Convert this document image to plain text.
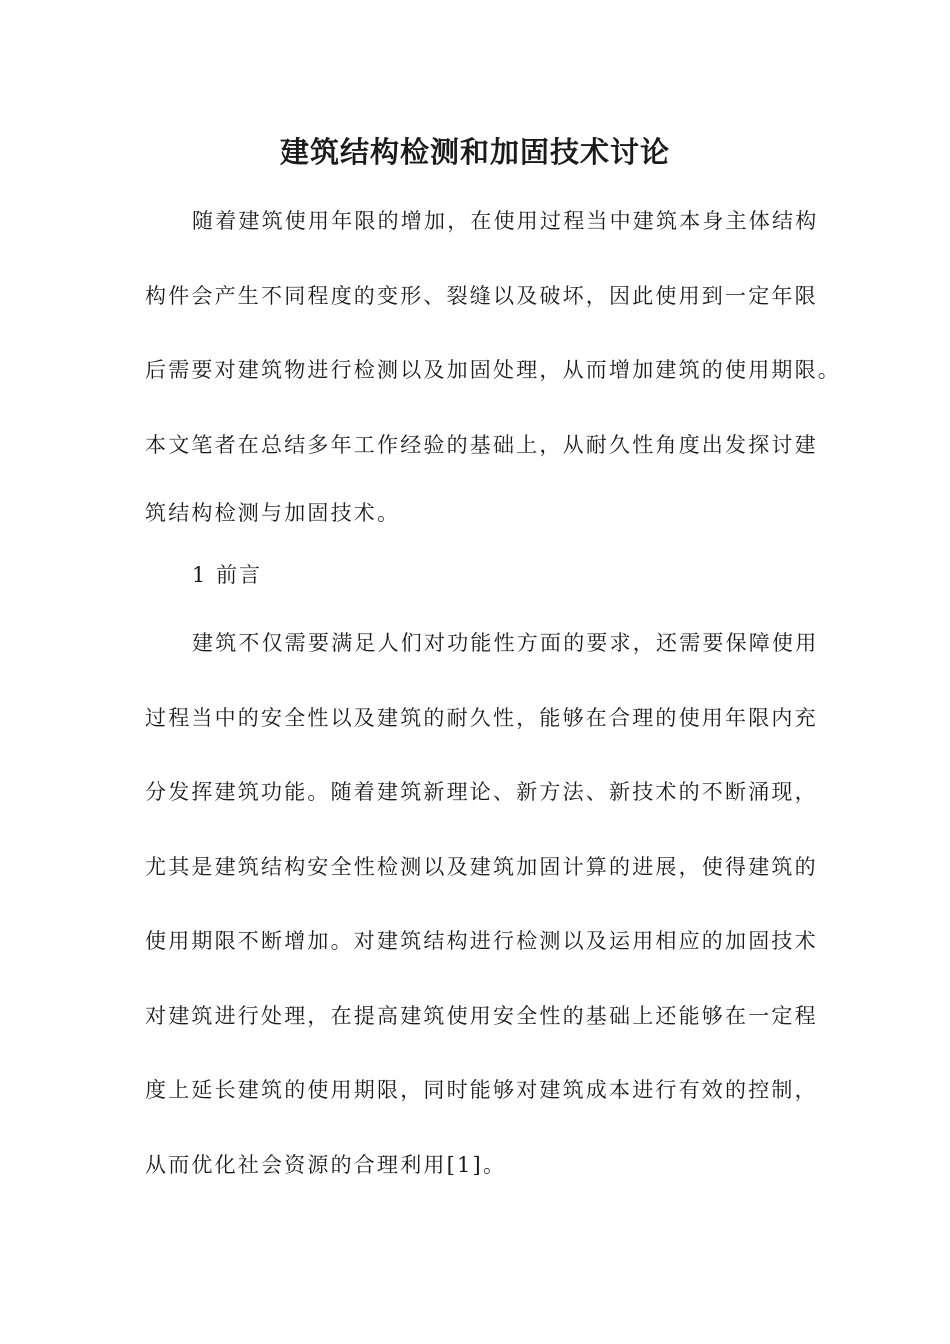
建筑结构检测和加固技术讨论
随着建筑使用年限的增加，在使用过程当中建筑本身主体结构
构件会产生不同程度的变形、裂缝以及破坏，因此使用到一定年限
后需要对建筑物进行检测以及加固处理，从而增加建筑的使用期限。
本文笔者在总结多年工作经验的基础上，从耐久性角度出发探讨建
筑结构检测与加固技术。
1 前言
建筑不仅需要满足人们对功能性方面的要求，还需要保障使用
过程当中的安全性以及建筑的耐久性，能够在合理的使用年限内充
分发挥建筑功能。随着建筑新理论、新方法、新技术的不断涌现，
尤其是建筑结构安全性检测以及建筑加固计算的进展，使得建筑的
使用期限不断增加。对建筑结构进行检测以及运用相应的加固技术
对建筑进行处理，在提高建筑使用安全性的基础上还能够在一定程
度上延长建筑的使用期限，同时能够对建筑成本进行有效的控制，
从而优化社会资源的合理利用[1]。
